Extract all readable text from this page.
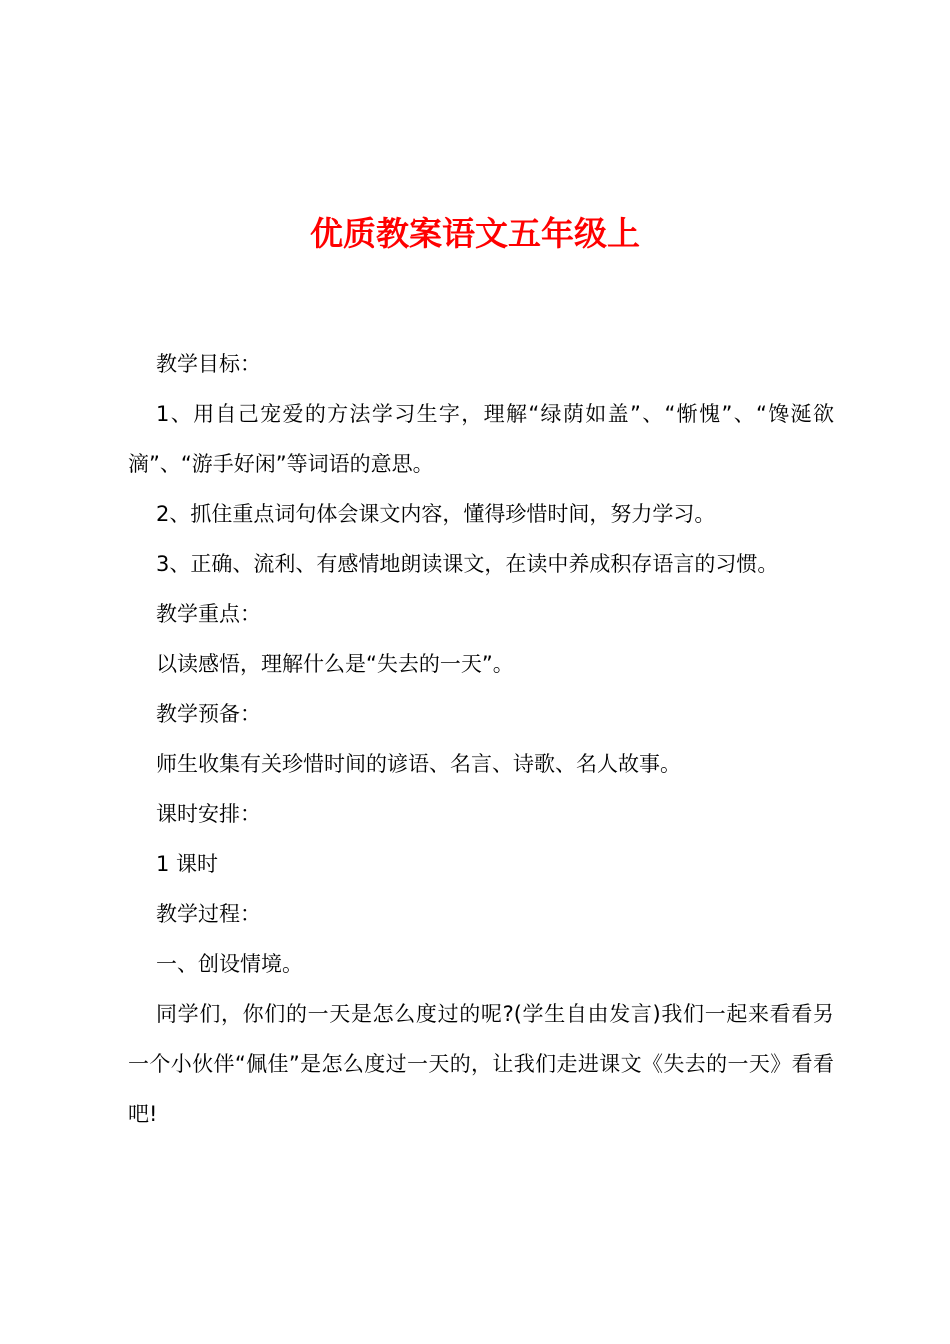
优质教案语文五年级上

教学目标：

1、用自己宠爱的方法学习生字，理解“绿荫如盖”、“惭愧”、“馋涎欲滴”、“游手好闲”等词语的意思。

2、抓住重点词句体会课文内容，懂得珍惜时间，努力学习。

3、正确、流利、有感情地朗读课文，在读中养成积存语言的习惯。

教学重点：

以读感悟，理解什么是“失去的一天”。

教学预备：

师生收集有关珍惜时间的谚语、名言、诗歌、名人故事。

课时安排：

1 课时

教学过程：

一、创设情境。

同学们，你们的一天是怎么度过的呢?(学生自由发言)我们一起来看看另一个小伙伴“佩佳”是怎么度过一天的，让我们走进课文《失去的一天》看看吧!
